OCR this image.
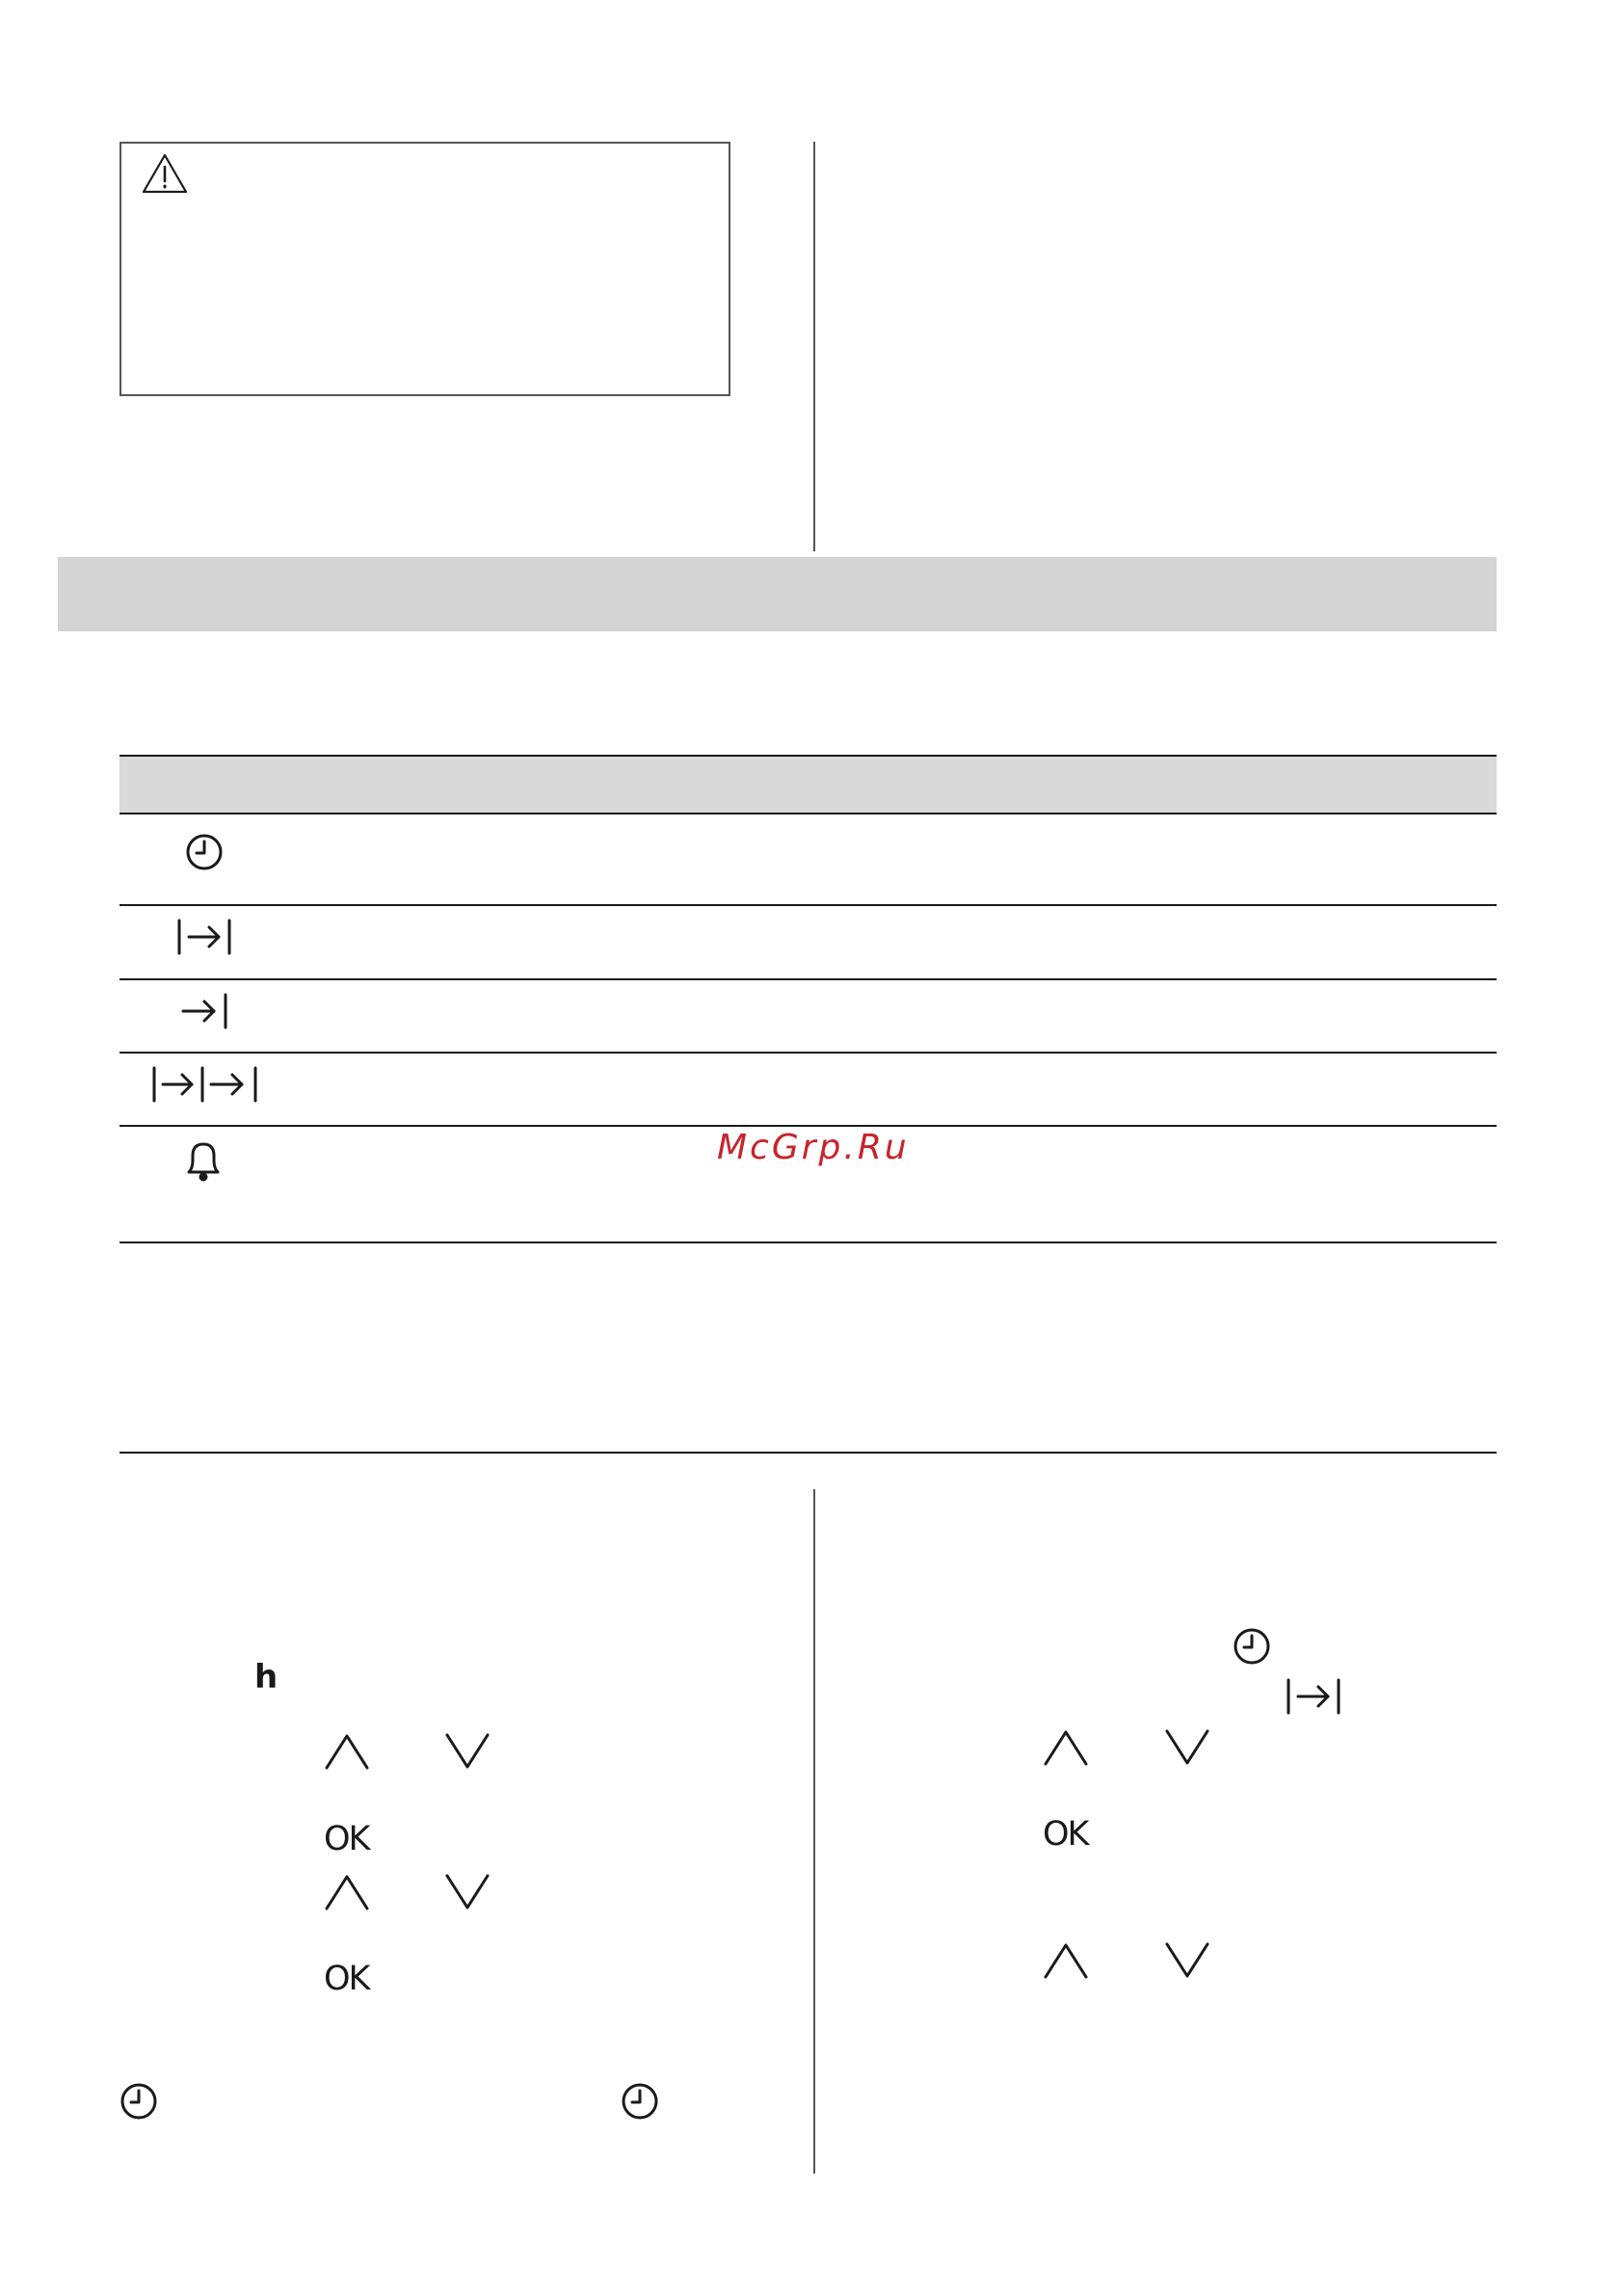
McGrp.Ru
h
OK
OK
OK
